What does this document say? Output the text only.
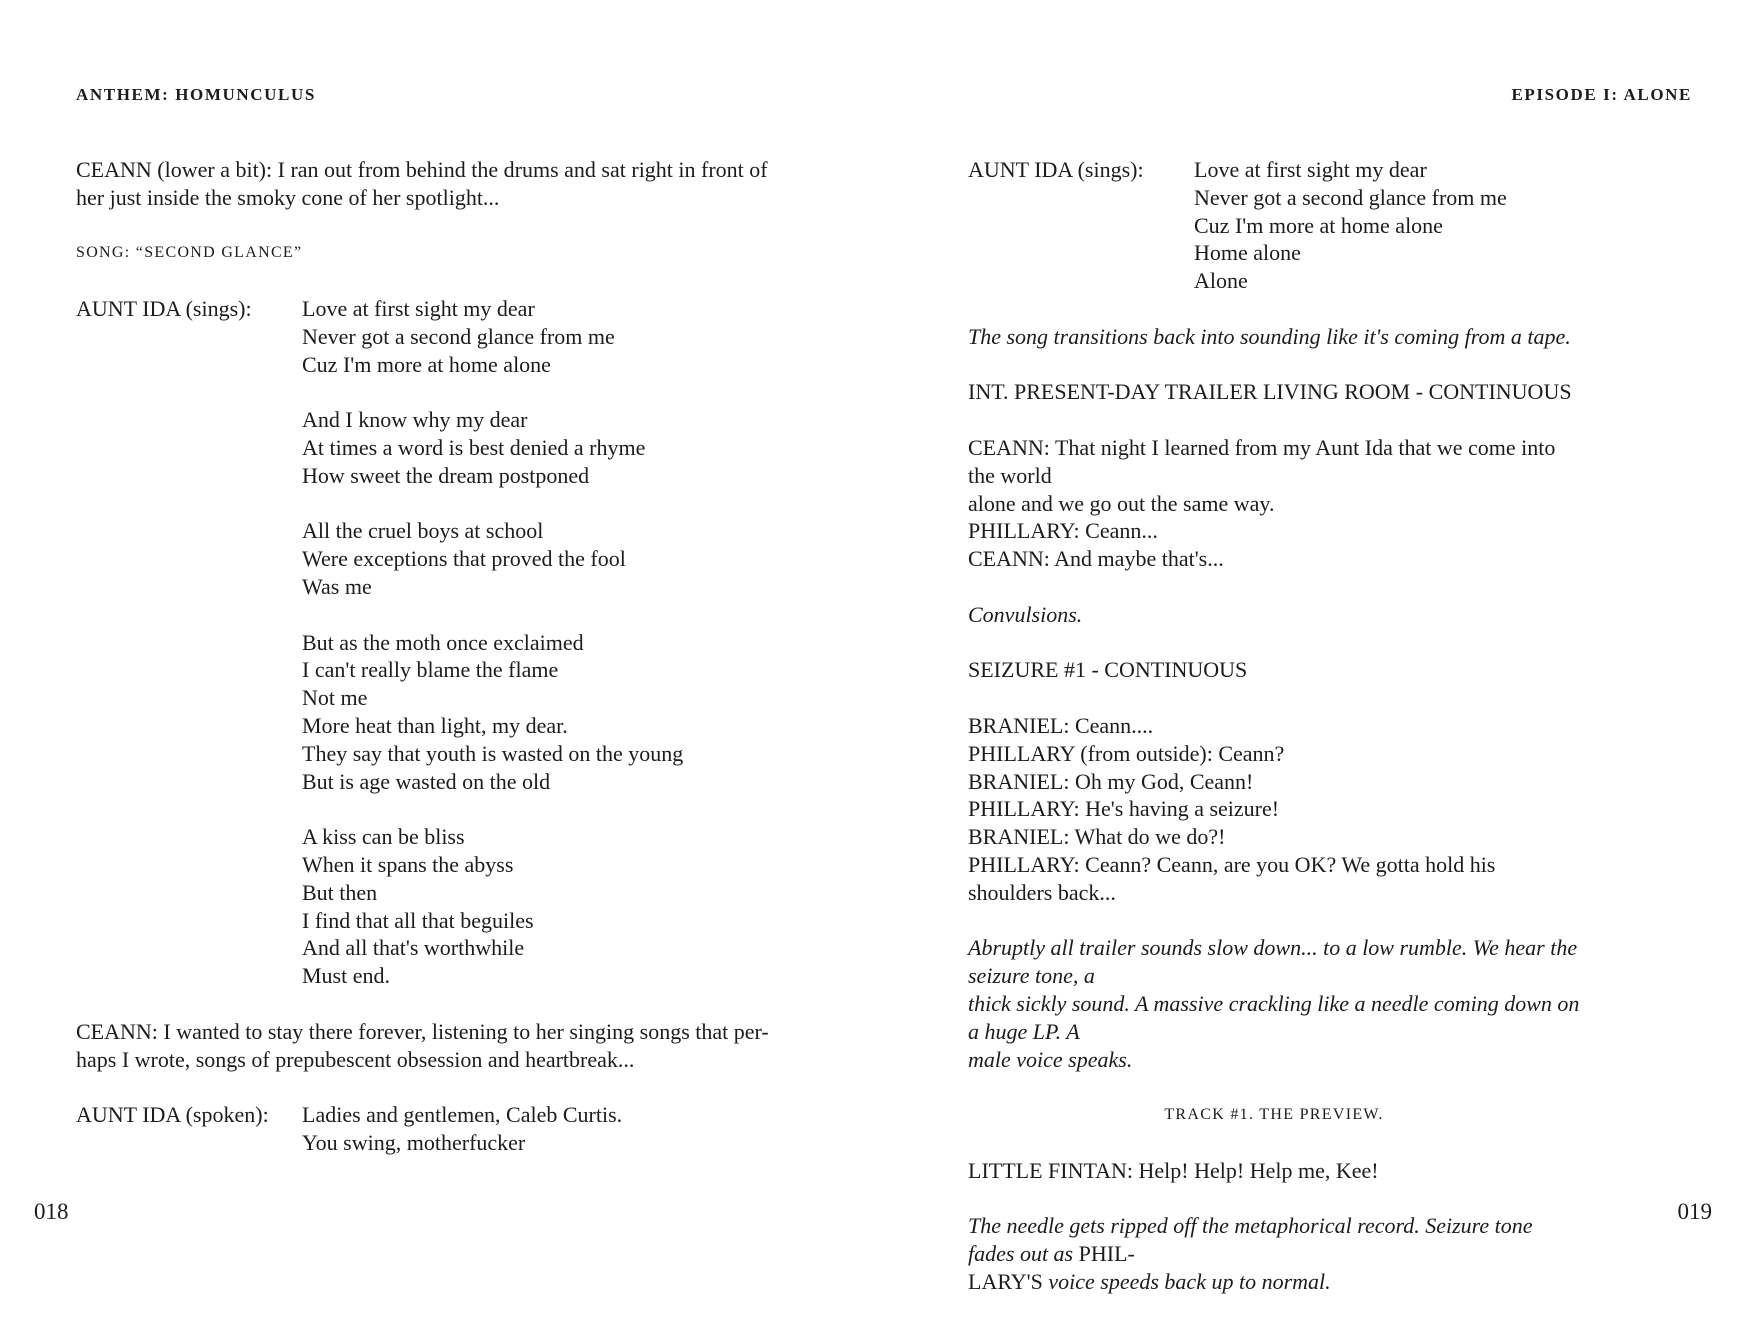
ANTHEM: HOMUNCULUS
CEANN (lower a bit): I ran out from behind the drums and sat right in front of
her just inside the smoky cone of her spotlight...
SONG: “SECOND GLANCE”
AUNT IDA (sings):	Love at first sight my dear
Never got a second glance from me
Cuz I'm more at home alone
And I know why my dear
At times a word is best denied a rhyme
How sweet the dream postponed
All the cruel boys at school
Were exceptions that proved the fool
Was me
But as the moth once exclaimed
I can't really blame the flame
Not me
More heat than light, my dear.
They say that youth is wasted on the young
But is age wasted on the old
A kiss can be bliss
When it spans the abyss
But then
I find that all that beguiles
And all that's worthwhile
Must end.
CEANN: I wanted to stay there forever, listening to her singing songs that per-
haps I wrote, songs of prepubescent obsession and heartbreak...
AUNT IDA (spoken):	Ladies and gentlemen, Caleb Curtis.
You swing, motherfucker
018
EPISODE I: ALONE
AUNT IDA (sings):	Love at first sight my dear
Never got a second glance from me
Cuz I'm more at home alone
Home alone
Alone
The song transitions back into sounding like it's coming from a tape.
INT. PRESENT-DAY TRAILER LIVING ROOM - CONTINUOUS
CEANN: That night I learned from my Aunt Ida that we come into the world
alone and we go out the same way.
PHILLARY: Ceann...
CEANN: And maybe that's...
Convulsions.
SEIZURE #1 - CONTINUOUS
BRANIEL: Ceann....
PHILLARY (from outside): Ceann?
BRANIEL: Oh my God, Ceann!
PHILLARY: He's having a seizure!
BRANIEL: What do we do?!
PHILLARY: Ceann? Ceann, are you OK? We gotta hold his shoulders back...
Abruptly all trailer sounds slow down... to a low rumble. We hear the seizure tone, a
thick sickly sound. A massive crackling like a needle coming down on a huge LP. A
male voice speaks.
TRACK #1. THE PREVIEW.
LITTLE FINTAN: Help! Help! Help me, Kee!
The needle gets ripped off the metaphorical record. Seizure tone fades out as PHIL-
LARY'S voice speeds back up to normal.
019
